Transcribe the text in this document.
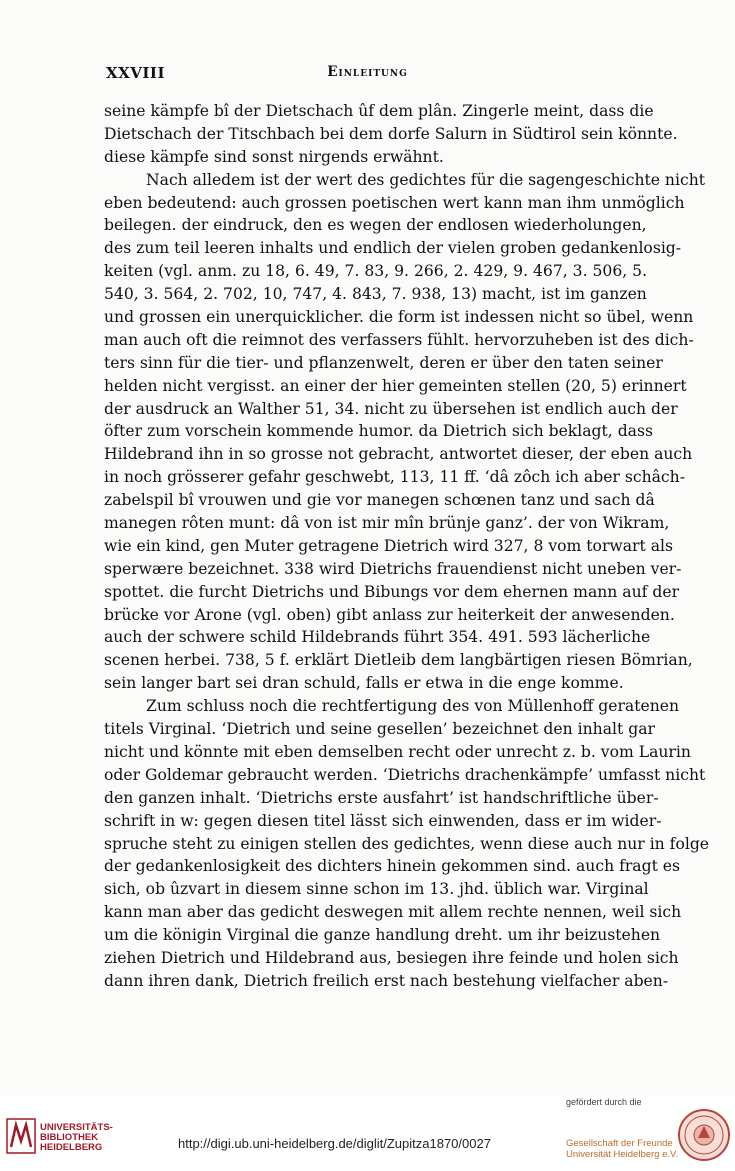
XXVIII	Einleitung
seine kämpfe bî der Dietschach ûf dem plân. Zingerle meint, dass die
Dietschach der Titschbach bei dem dorfe Salurn in Südtirol sein könnte.
diese kämpfe sind sonst nirgends erwähnt.
Nach alledem ist der wert des gedichtes für die sagengeschichte nicht
eben bedeutend: auch grossen poetischen wert kann man ihm unmöglich
beilegen. der eindruck, den es wegen der endlosen wiederholungen,
des zum teil leeren inhalts und endlich der vielen groben gedankenlosig-
keiten (vgl. anm. zu 18, 6. 49, 7. 83, 9. 266, 2. 429, 9. 467, 3. 506, 5.
540, 3. 564, 2. 702, 10, 747, 4. 843, 7. 938, 13) macht, ist im ganzen
und grossen ein unerquicklicher. die form ist indessen nicht so übel, wenn
man auch oft die reimnot des verfassers fühlt. hervorzuheben ist des dich-
ters sinn für die tier- und pflanzenwelt, deren er über den taten seiner
helden nicht vergisst. an einer der hier gemeinten stellen (20, 5) erinnert
der ausdruck an Walther 51, 34. nicht zu übersehen ist endlich auch der
öfter zum vorschein kommende humor. da Dietrich sich beklagt, dass
Hildebrand ihn in so grosse not gebracht, antwortet dieser, der eben auch
in noch grösserer gefahr geschwebt, 113, 11 ff. ‘dâ zôch ich aber schâch-
zabelspil bî vrouwen und gie vor manegen schœnen tanz und sach dâ
manegen rôten munt: dâ von ist mir mîn brünje ganz’. der von Wikram,
wie ein kind, gen Muter getragene Dietrich wird 327, 8 vom torwart als
sperwære bezeichnet. 338 wird Dietrichs frauendienst nicht uneben ver-
spottet. die furcht Dietrichs und Bibungs vor dem ehernen mann auf der
brücke vor Arone (vgl. oben) gibt anlass zur heiterkeit der anwesenden.
auch der schwere schild Hildebrands führt 354. 491. 593 lächerliche
scenen herbei. 738, 5 f. erklärt Dietleib dem langbärtigen riesen Bömrian,
sein langer bart sei dran schuld, falls er etwa in die enge komme.
Zum schluss noch die rechtfertigung des von Müllenhoff geratenen
titels Virginal. ‘Dietrich und seine gesellen’ bezeichnet den inhalt gar
nicht und könnte mit eben demselben recht oder unrecht z. b. vom Laurin
oder Goldemar gebraucht werden. ‘Dietrichs drachenkämpfe’ umfasst nicht
den ganzen inhalt. ‘Dietrichs erste ausfahrt’ ist handschriftliche über-
schrift in w: gegen diesen titel lässt sich einwenden, dass er im wider-
spruche steht zu einigen stellen des gedichtes, wenn diese auch nur in folge
der gedankenlosigkeit des dichters hinein gekommen sind. auch fragt es
sich, ob ûzvart in diesem sinne schon im 13. jhd. üblich war. Virginal
kann man aber das gedicht deswegen mit allem rechte nennen, weil sich
um die königin Virginal die ganze handlung dreht. um ihr beizustehen
ziehen Dietrich und Hildebrand aus, besiegen ihre feinde und holen sich
dann ihren dank, Dietrich freilich erst nach bestehung vielfacher aben-
UNIVERSITÄTS-
BIBLIOTHEK
HEIDELBERG	http://digi.ub.uni-heidelberg.de/diglit/Zupitza1870/0027
gefördert durch die
Gesellschaft der Freunde
Universität Heidelberg e.V.
